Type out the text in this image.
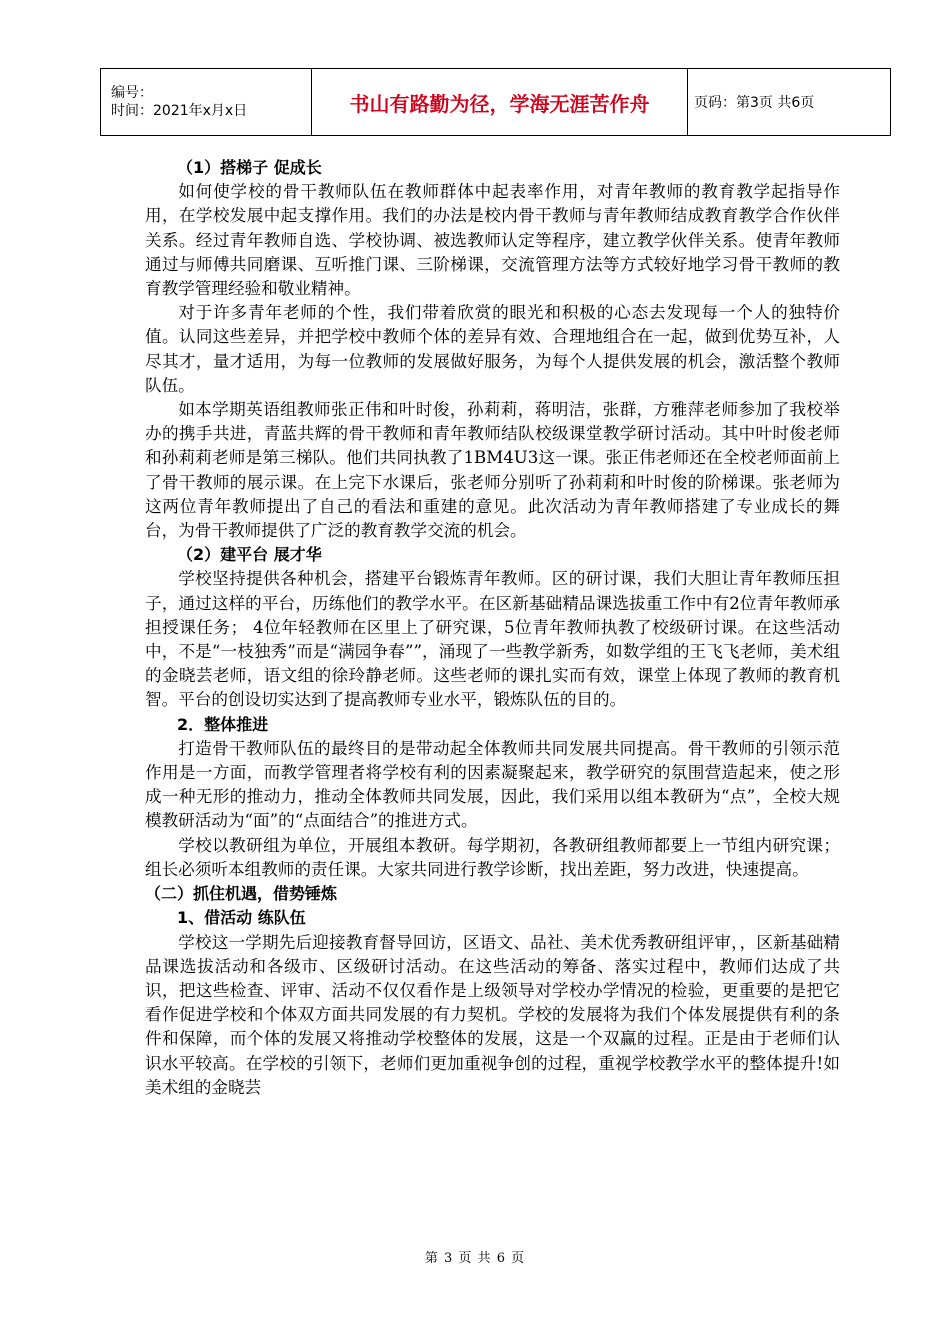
编号：
时间：2021年x月x日	书山有路勤为径，学海无涯苦作舟	页码：第3页 共6页
（1）搭梯子 促成长

如何使学校的骨干教师队伍在教师群体中起表率作用，对青年教师的教育教学起指导作用，在学校发展中起支撑作用。我们的办法是校内骨干教师与青年教师结成教育教学合作伙伴关系。经过青年教师自选、学校协调、被选教师认定等程序，建立教学伙伴关系。使青年教师通过与师傅共同磨课、互听推门课、三阶梯课，交流管理方法等方式较好地学习骨干教师的教育教学管理经验和敬业精神。

对于许多青年老师的个性，我们带着欣赏的眼光和积极的心态去发现每一个人的独特价值。认同这些差异，并把学校中教师个体的差异有效、合理地组合在一起，做到优势互补，人尽其才，量才适用，为每一位教师的发展做好服务，为每个人提供发展的机会，激活整个教师队伍。

如本学期英语组教师张正伟和叶时俊，孙莉莉，蒋明洁，张群，方雅萍老师参加了我校举办的携手共进，青蓝共辉的骨干教师和青年教师结队校级课堂教学研讨活动。其中叶时俊老师和孙莉莉老师是第三梯队。他们共同执教了1BM4U3这一课。张正伟老师还在全校老师面前上了骨干教师的展示课。在上完下水课后，张老师分别听了孙莉莉和叶时俊的阶梯课。张老师为这两位青年教师提出了自己的看法和重建的意见。此次活动为青年教师搭建了专业成长的舞台，为骨干教师提供了广泛的教育教学交流的机会。

（2）建平台 展才华

学校坚持提供各种机会，搭建平台锻炼青年教师。区的研讨课，我们大胆让青年教师压担子，通过这样的平台，历练他们的教学水平。在区新基础精品课选拔重工作中有2位青年教师承担授课任务； 4位年轻教师在区里上了研究课，5位青年教师执教了校级研讨课。在这些活动中，不是“一枝独秀”而是“满园争春””，涌现了一些教学新秀，如数学组的王飞飞老师，美术组的金晓芸老师，语文组的徐玲静老师。这些老师的课扎实而有效，课堂上体现了教师的教育机智。平台的创设切实达到了提高教师专业水平，锻炼队伍的目的。

2．整体推进

打造骨干教师队伍的最终目的是带动起全体教师共同发展共同提高。骨干教师的引领示范作用是一方面，而教学管理者将学校有利的因素凝聚起来，教学研究的氛围营造起来，使之形成一种无形的推动力，推动全体教师共同发展，因此，我们采用以组本教研为“点”，全校大规模教研活动为“面”的“点面结合”的推进方式。

学校以教研组为单位，开展组本教研。每学期初，各教研组教师都要上一节组内研究课；组长必须听本组教师的责任课。大家共同进行教学诊断，找出差距，努力改进，快速提高。

（二）抓住机遇，借势锤炼
1、借活动 练队伍

学校这一学期先后迎接教育督导回访，区语文、品社、美术优秀教研组评审，，区新基础精品课选拔活动和各级市、区级研讨活动。在这些活动的筹备、落实过程中，教师们达成了共识，把这些检查、评审、活动不仅仅看作是上级领导对学校办学情况的检验，更重要的是把它看作促进学校和个体双方面共同发展的有力契机。学校的发展将为我们个体发展提供有利的条件和保障，而个体的发展又将推动学校整体的发展，这是一个双赢的过程。正是由于老师们认识水平较高。在学校的引领下，老师们更加重视争创的过程，重视学校教学水平的整体提升!如美术组的金晓芸

第 3 页 共 6 页
